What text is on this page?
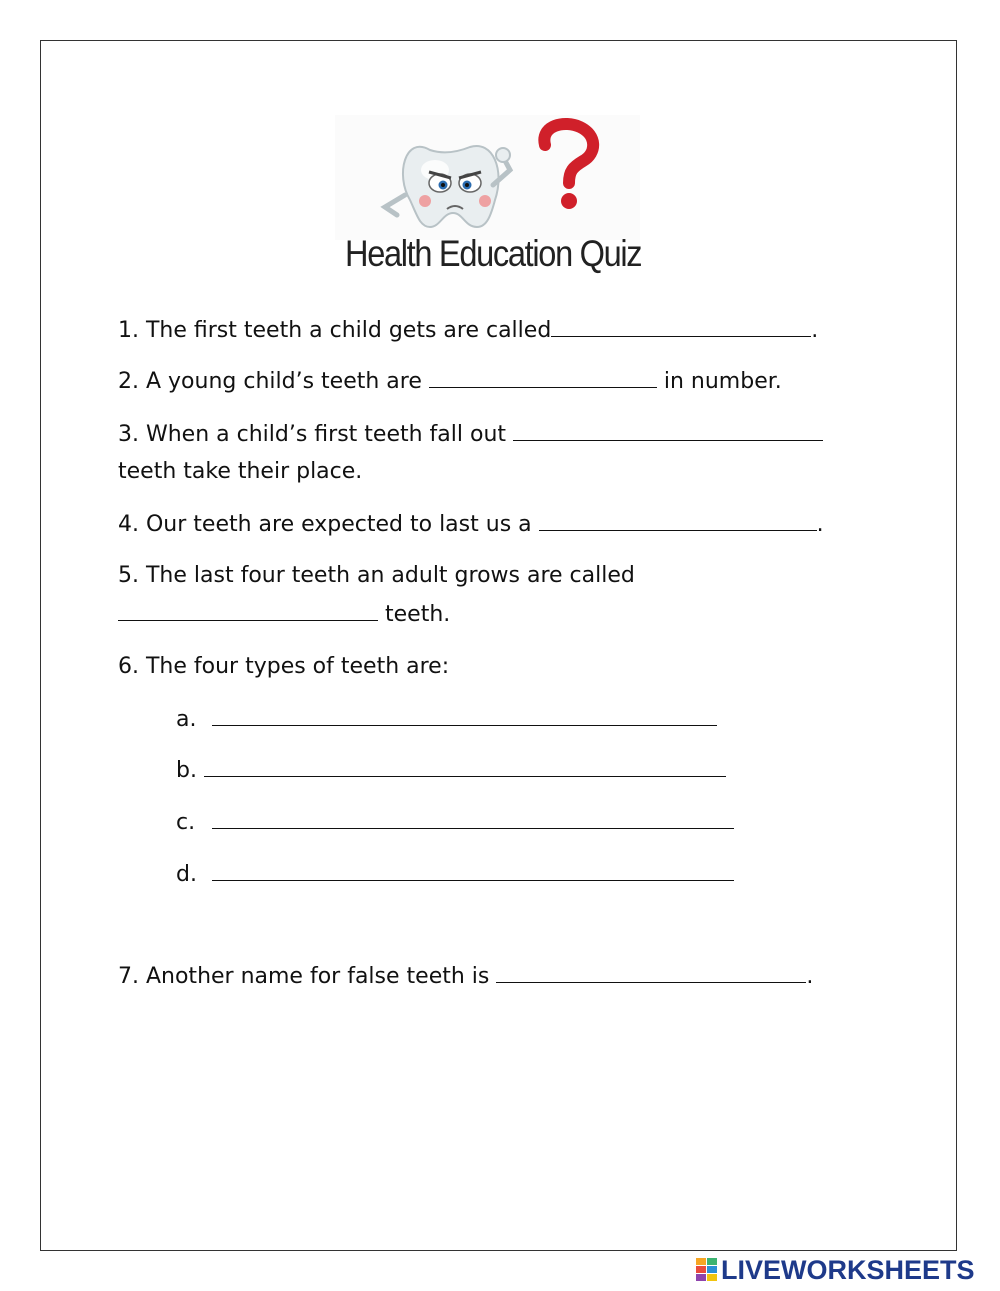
Health Education Quiz
1. The first teeth a child gets are called	.
2. A young child’s teeth are	in number.
3. When a child’s first teeth fall out
teeth take their place.
4. Our teeth are expected to last us a	.
5. The last four teeth an adult grows are called
teeth.
6. The four types of teeth are:
a.
b.
c.
d.
7. Another name for false teeth is	.
LIVEWORKSHEETS
